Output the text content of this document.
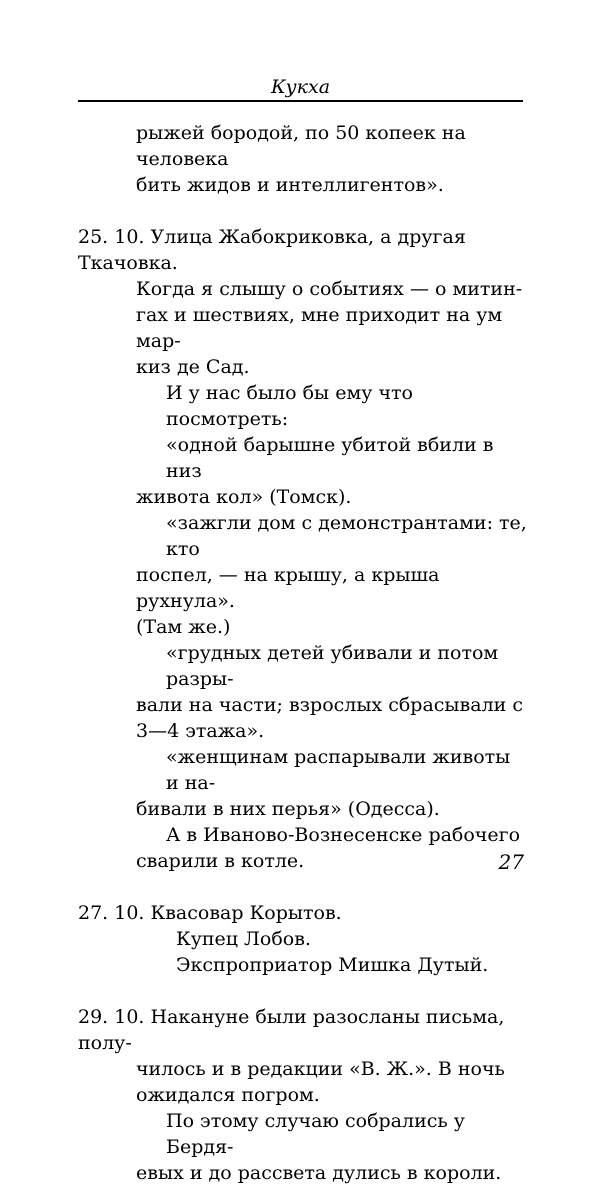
Кукха

рыжей бородой, по 50 копеек на человека

бить жидов и интеллигентов».

25. 10. Улица Жабокриковка, а другая Ткачовка.

Когда я слышу о событиях — о митин-

гах и шествиях, мне приходит на ум мар-

киз де Сад.

И у нас было бы ему что посмотреть:

«одной барышне убитой вбили в низ

живота кол» (Томск).

«зажгли дом с демонстрантами: те, кто

поспел, — на крышу, а крыша рухнула».

(Там же.)

«грудных детей убивали и потом разры-

вали на части; взрослых сбрасывали с

3—4 этажа».

«женщинам распарывали животы и на-

бивали в них перья» (Одесса).

А в Иваново-Вознесенске рабочего

сварили в котле.

27. 10. Квасовар Корытов.

Купец Лобов.

Экспроприатор Мишка Дутый.

29. 10. Накануне были разосланы письма, полу-

чилось и в редакции «В. Ж.». В ночь

ожидался погром.

По этому случаю собрались у Бердя-

евых и до рассвета дулись в короли.

27
